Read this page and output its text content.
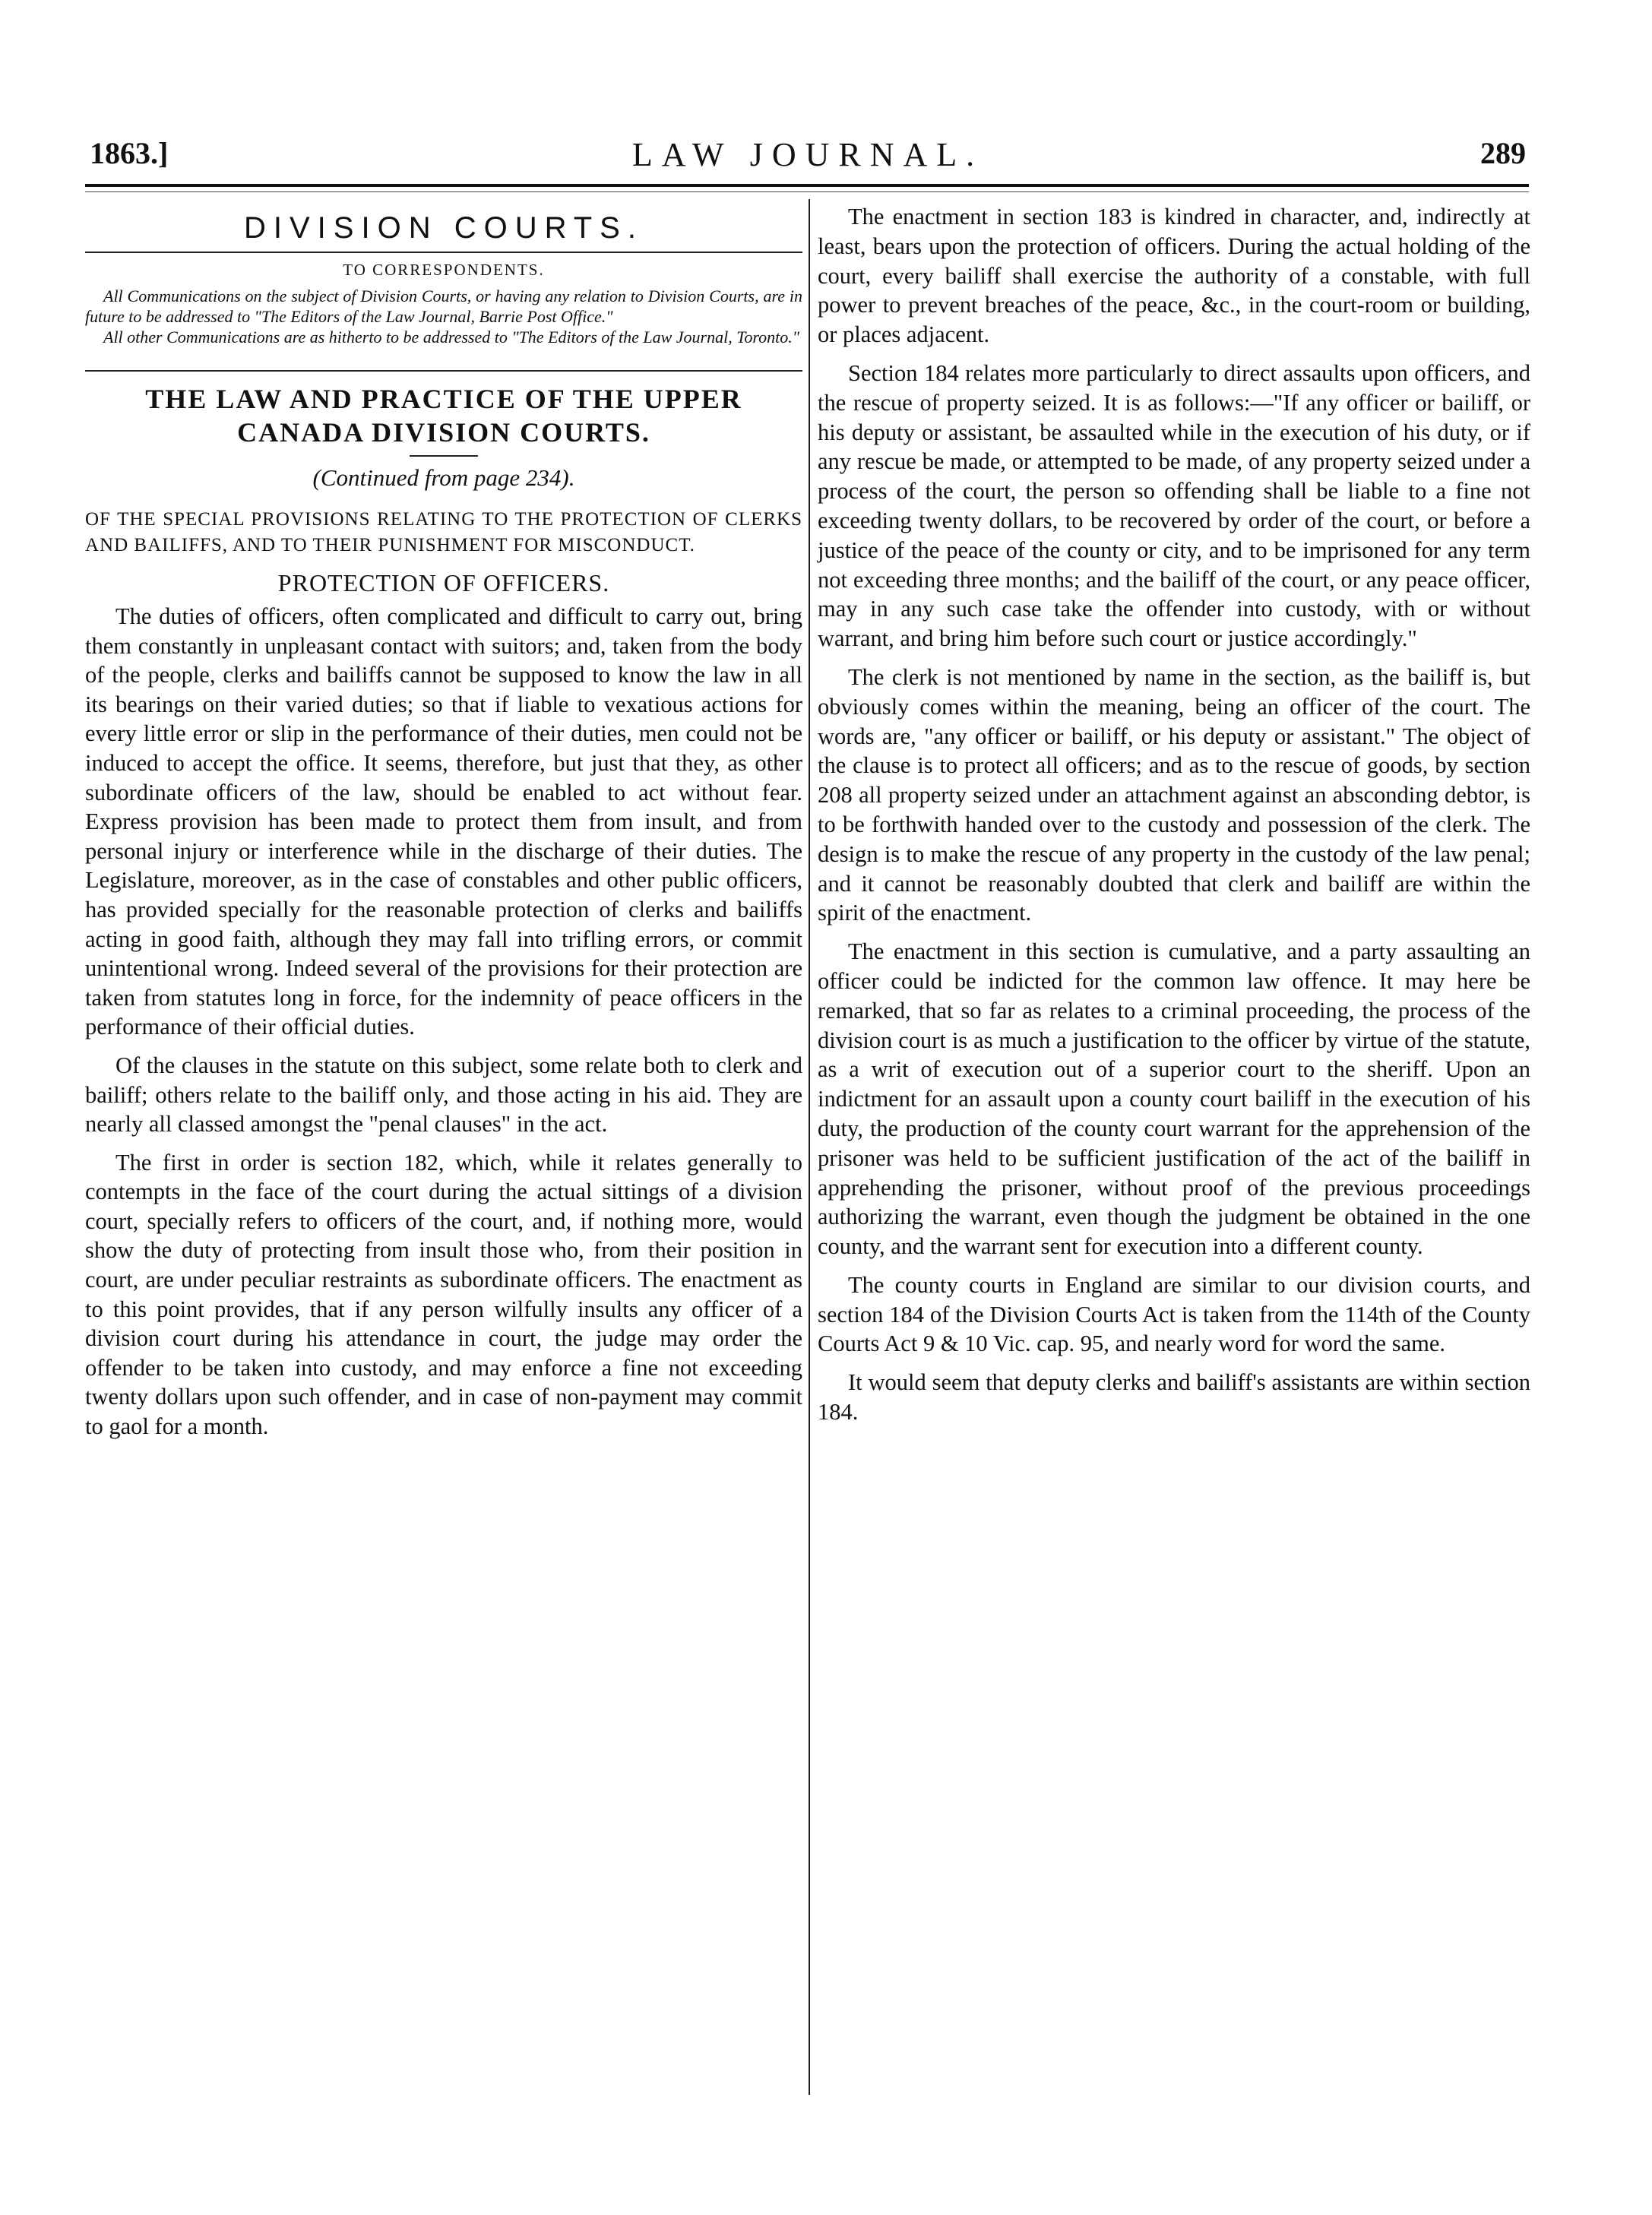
1863.]	LAW JOURNAL.	289
DIVISION COURTS.
TO CORRESPONDENTS.

All Communications on the subject of Division Courts, or having any relation to Division Courts, are in future to be addressed to "The Editors of the Law Journal, Barrie Post Office."

All other Communications are as hitherto to be addressed to "The Editors of the Law Journal, Toronto."

THE LAW AND PRACTICE OF THE UPPER CANADA DIVISION COURTS.
(Continued from page 234).

OF THE SPECIAL PROVISIONS RELATING TO THE PROTECTION OF CLERKS AND BAILIFFS, AND TO THEIR PUNISHMENT FOR MISCONDUCT.

PROTECTION OF OFFICERS.

The duties of officers, often complicated and difficult to carry out, bring them constantly in unpleasant contact with suitors; and, taken from the body of the people, clerks and bailiffs cannot be supposed to know the law in all its bearings on their varied duties; so that if liable to vexatious actions for every little error or slip in the performance of their duties, men could not be induced to accept the office. It seems, therefore, but just that they, as other subordinate officers of the law, should be enabled to act without fear. Express provision has been made to protect them from insult, and from personal injury or interference while in the discharge of their duties. The Legislature, moreover, as in the case of constables and other public officers, has provided specially for the reasonable protection of clerks and bailiffs acting in good faith, although they may fall into trifling errors, or commit unintentional wrong. Indeed several of the provisions for their protection are taken from statutes long in force, for the indemnity of peace officers in the performance of their official duties.

Of the clauses in the statute on this subject, some relate both to clerk and bailiff; others relate to the bailiff only, and those acting in his aid. They are nearly all classed amongst the "penal clauses" in the act.

The first in order is section 182, which, while it relates generally to contempts in the face of the court during the actual sittings of a division court, specially refers to officers of the court, and, if nothing more, would show the duty of protecting from insult those who, from their position in court, are under peculiar restraints as subordinate officers. The enactment as to this point provides, that if any person wilfully insults any officer of a division court during his attendance in court, the judge may order the offender to be taken into custody, and may enforce a fine not exceeding twenty dollars upon such offender, and in case of non-payment may commit to gaol for a month.

The enactment in section 183 is kindred in character, and, indirectly at least, bears upon the protection of officers. During the actual holding of the court, every bailiff shall exercise the authority of a constable, with full power to prevent breaches of the peace, &c., in the court-room or building, or places adjacent.

Section 184 relates more particularly to direct assaults upon officers, and the rescue of property seized. It is as follows:—"If any officer or bailiff, or his deputy or assistant, be assaulted while in the execution of his duty, or if any rescue be made, or attempted to be made, of any property seized under a process of the court, the person so offending shall be liable to a fine not exceeding twenty dollars, to be recovered by order of the court, or before a justice of the peace of the county or city, and to be imprisoned for any term not exceeding three months; and the bailiff of the court, or any peace officer, may in any such case take the offender into custody, with or without warrant, and bring him before such court or justice accordingly."

The clerk is not mentioned by name in the section, as the bailiff is, but obviously comes within the meaning, being an officer of the court. The words are, "any officer or bailiff, or his deputy or assistant." The object of the clause is to protect all officers; and as to the rescue of goods, by section 208 all property seized under an attachment against an absconding debtor, is to be forthwith handed over to the custody and possession of the clerk. The design is to make the rescue of any property in the custody of the law penal; and it cannot be reasonably doubted that clerk and bailiff are within the spirit of the enactment.

The enactment in this section is cumulative, and a party assaulting an officer could be indicted for the common law offence. It may here be remarked, that so far as relates to a criminal proceeding, the process of the division court is as much a justification to the officer by virtue of the statute, as a writ of execution out of a superior court to the sheriff. Upon an indictment for an assault upon a county court bailiff in the execution of his duty, the production of the county court warrant for the apprehension of the prisoner was held to be sufficient justification of the act of the bailiff in apprehending the prisoner, without proof of the previous proceedings authorizing the warrant, even though the judgment be obtained in the one county, and the warrant sent for execution into a different county.

The county courts in England are similar to our division courts, and section 184 of the Division Courts Act is taken from the 114th of the County Courts Act 9 & 10 Vic. cap. 95, and nearly word for word the same.

It would seem that deputy clerks and bailiff's assistants are within section 184.
